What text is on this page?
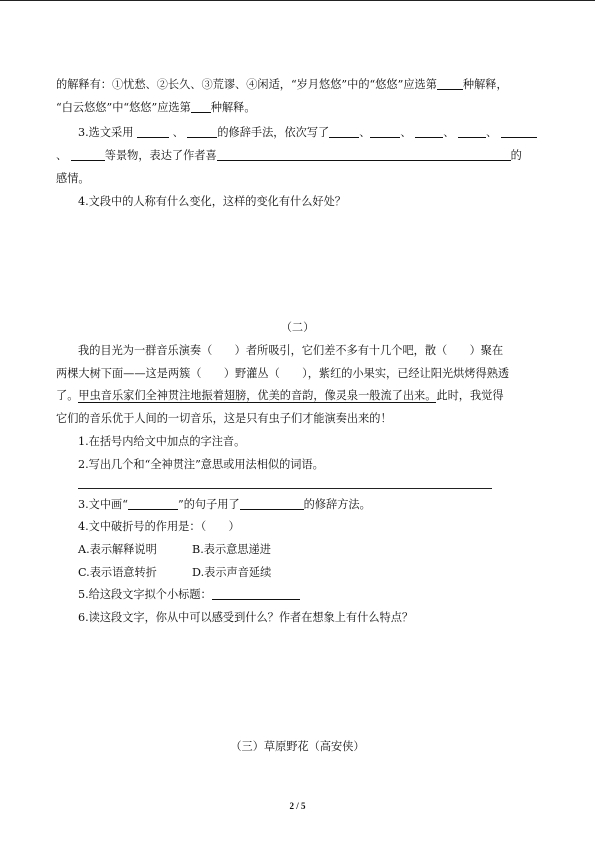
的解释有：①忧愁、②长久、③荒谬、④闲适，“岁月悠悠”中的“悠悠”应选第 种解释，
“白云悠悠”中“悠悠”应选第 种解释。
3.选文采用	、	的修辞手法，依次写了	、	、	、	、
、	等景物，表达了作者喜	的
感情。
4.文段中的人称有什么变化，这样的变化有什么好处？
（二）
我的目光为一群音乐演奏（　　）者所吸引，它们差不多有十几个吧，散（　　）聚在
两棵大树下面——这是两簇（　　）野灌丛（　　），紫红的小果实，已经让阳光烘烤得熟透
了。甲虫音乐家们全神贯注地振着翅膀，优美的音韵，像灵泉一般流了出来。此时，我觉得
它们的音乐优于人间的一切音乐，这是只有虫子们才能演奏出来的！
1.在括号内给文中加点的字注音。
2.写出几个和“全神贯注”意思或用法相似的词语。
3.文中画“	”的句子用了	的修辞方法。
4.文中破折号的作用是：（　　）
A.表示解释说明	B.表示意思递进
C.表示语意转折	D.表示声音延续
5.给这段文字拟个小标题：
6.读这段文字，你从中可以感受到什么？作者在想象上有什么特点？
（三）草原野花（高安侠）
2 / 5
